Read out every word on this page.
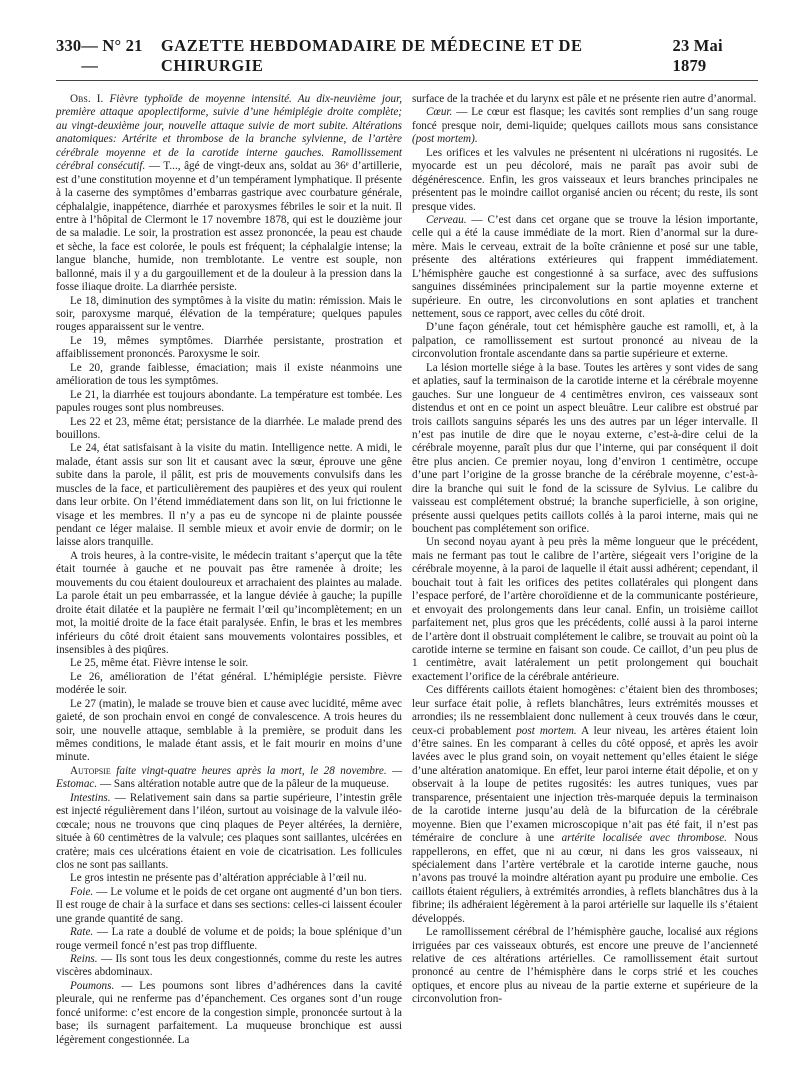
330 — N° 21 —
GAZETTE HEBDOMADAIRE DE MÉDECINE ET DE CHIRURGIE
23 Mai 1879

Obs. I. Fièvre typhoïde de moyenne intensité. Au dix-neuvième jour, première attaque apoplectiforme, suivie d’une hémiplégie droite complète; au vingt-deuxième jour, nouvelle attaque suivie de mort subite. Altérations anatomiques: Artérite et thrombose de la branche sylvienne, de l’artère cérébrale moyenne et de la carotide interne gauches. Ramollissement cérébral consécutif. — T..., âgé de vingt-deux ans, soldat au 36ᵉ d’artillerie, est d’une constitution moyenne et d’un tempérament lymphatique. Il présente à la caserne des symptômes d’embarras gastrique avec courbature générale, céphalalgie, inappétence, diarrhée et paroxysmes fébriles le soir et la nuit. Il entre à l’hôpital de Clermont le 17 novembre 1878, qui est le douzième jour de sa maladie. Le soir, la prostration est assez prononcée, la peau est chaude et sèche, la face est colorée, le pouls est fréquent; la céphalalgie intense; la langue blanche, humide, non tremblotante. Le ventre est souple, non ballonné, mais il y a du gargouillement et de la douleur à la pression dans la fosse iliaque droite. La diarrhée persiste.

Le 18, diminution des symptômes à la visite du matin: rémission. Mais le soir, paroxysme marqué, élévation de la température; quelques papules rouges apparaissent sur le ventre.

Le 19, mêmes symptômes. Diarrhée persistante, prostration et affaiblissement prononcés. Paroxysme le soir.

Le 20, grande faiblesse, émaciation; mais il existe néanmoins une amélioration de tous les symptômes.

Le 21, la diarrhée est toujours abondante. La température est tombée. Les papules rouges sont plus nombreuses.

Les 22 et 23, même état; persistance de la diarrhée. Le malade prend des bouillons.

Le 24, état satisfaisant à la visite du matin. Intelligence nette. A midi, le malade, étant assis sur son lit et causant avec la sœur, éprouve une gêne subite dans la parole, il pâlit, est pris de mouvements convulsifs dans les muscles de la face, et particulièrement des paupières et des yeux qui roulent dans leur orbite. On l’étend immédiatement dans son lit, on lui frictionne le visage et les membres. Il n’y a pas eu de syncope ni de plainte poussée pendant ce léger malaise. Il semble mieux et avoir envie de dormir; on le laisse alors tranquille.

A trois heures, à la contre-visite, le médecin traitant s’aperçut que la tête était tournée à gauche et ne pouvait pas être ramenée à droite; les mouvements du cou étaient douloureux et arrachaient des plaintes au malade. La parole était un peu embarrassée, et la langue déviée à gauche; la pupille droite était dilatée et la paupière ne fermait l’œil qu’incomplètement; en un mot, la moitié droite de la face était paralysée. Enfin, le bras et les membres inférieurs du côté droit étaient sans mouvements volontaires possibles, et insensibles à des piqûres.

Le 25, même état. Fièvre intense le soir.

Le 26, amélioration de l’état général. L’hémiplégie persiste. Fièvre modérée le soir.

Le 27 (matin), le malade se trouve bien et cause avec lucidité, même avec gaieté, de son prochain envoi en congé de convalescence. A trois heures du soir, une nouvelle attaque, semblable à la première, se produit dans les mêmes conditions, le malade étant assis, et le fait mourir en moins d’une minute.

Autopsie faite vingt-quatre heures après la mort, le 28 novembre. — Estomac. — Sans altération notable autre que de la pâleur de la muqueuse.

Intestins. — Relativement sain dans sa partie supérieure, l’intestin grêle est injecté régulièrement dans l’iléon, surtout au voisinage de la valvule iléo-cœcale; nous ne trouvons que cinq plaques de Peyer altérées, la dernière, située à 60 centimètres de la valvule; ces plaques sont saillantes, ulcérées en cratère; mais ces ulcérations étaient en voie de cicatrisation. Les follicules clos ne sont pas saillants.

Le gros intestin ne présente pas d’altération appréciable à l’œil nu.

Foie. — Le volume et le poids de cet organe ont augmenté d’un bon tiers. Il est rouge de chair à la surface et dans ses sections: celles-ci laissent écouler une grande quantité de sang.

Rate. — La rate a doublé de volume et de poids; la boue splénique d’un rouge vermeil foncé n’est pas trop diffluente.

Reins. — Ils sont tous les deux congestionnés, comme du reste les autres viscères abdominaux.

Poumons. — Les poumons sont libres d’adhérences dans la cavité pleurale, qui ne renferme pas d’épanchement. Ces organes sont d’un rouge foncé uniforme: c’est encore de la congestion simple, prononcée surtout à la base; ils surnagent parfaitement. La muqueuse bronchique est aussi légèrement congestionnée. La

surface de la trachée et du larynx est pâle et ne présente rien autre d’anormal.

Cœur. — Le cœur est flasque; les cavités sont remplies d’un sang rouge foncé presque noir, demi-liquide; quelques caillots mous sans consistance (post mortem).

Les orifices et les valvules ne présentent ni ulcérations ni rugosités. Le myocarde est un peu décoloré, mais ne paraît pas avoir subi de dégénérescence. Enfin, les gros vaisseaux et leurs branches principales ne présentent pas le moindre caillot organisé ancien ou récent; du reste, ils sont presque vides.

Cerveau. — C’est dans cet organe que se trouve la lésion importante, celle qui a été la cause immédiate de la mort. Rien d’anormal sur la dure-mère. Mais le cerveau, extrait de la boîte crânienne et posé sur une table, présente des altérations extérieures qui frappent immédiatement. L’hémisphère gauche est congestionné à sa surface, avec des suffusions sanguines disséminées principalement sur la partie moyenne externe et supérieure. En outre, les circonvolutions en sont aplaties et tranchent nettement, sous ce rapport, avec celles du côté droit.

D’une façon générale, tout cet hémisphère gauche est ramolli, et, à la palpation, ce ramollissement est surtout prononcé au niveau de la circonvolution frontale ascendante dans sa partie supérieure et externe.

La lésion mortelle siége à la base. Toutes les artères y sont vides de sang et aplaties, sauf la terminaison de la carotide interne et la cérébrale moyenne gauches. Sur une longueur de 4 centimètres environ, ces vaisseaux sont distendus et ont en ce point un aspect bleuâtre. Leur calibre est obstrué par trois caillots sanguins séparés les uns des autres par un léger intervalle. Il n’est pas inutile de dire que le noyau externe, c’est-à-dire celui de la cérébrale moyenne, paraît plus dur que l’interne, qui par conséquent il doit être plus ancien. Ce premier noyau, long d’environ 1 centimètre, occupe d’une part l’origine de la grosse branche de la cérébrale moyenne, c’est-à-dire la branche qui suit le fond de la scissure de Sylvius. Le calibre du vaisseau est complétement obstrué; la branche superficielle, à son origine, présente aussi quelques petits caillots collés à la paroi interne, mais qui ne bouchent pas complétement son orifice.

Un second noyau ayant à peu près la même longueur que le précédent, mais ne fermant pas tout le calibre de l’artère, siégeait vers l’origine de la cérébrale moyenne, à la paroi de laquelle il était aussi adhérent; cependant, il bouchait tout à fait les orifices des petites collatérales qui plongent dans l’espace perforé, de l’artère choroïdienne et de la communicante postérieure, et envoyait des prolongements dans leur canal. Enfin, un troisième caillot parfaitement net, plus gros que les précédents, collé aussi à la paroi interne de l’artère dont il obstruait complétement le calibre, se trouvait au point où la carotide interne se termine en faisant son coude. Ce caillot, d’un peu plus de 1 centimètre, avait latéralement un petit prolongement qui bouchait exactement l’orifice de la cérébrale antérieure.

Ces différents caillots étaient homogènes: c’étaient bien des thromboses; leur surface était polie, à reflets blanchâtres, leurs extrémités mousses et arrondies; ils ne ressemblaient donc nullement à ceux trouvés dans le cœur, ceux-ci probablement post mortem. A leur niveau, les artères étaient loin d’être saines. En les comparant à celles du côté opposé, et après les avoir lavées avec le plus grand soin, on voyait nettement qu’elles étaient le siége d’une altération anatomique. En effet, leur paroi interne était dépolie, et on y observait à la loupe de petites rugosités: les autres tuniques, vues par transparence, présentaient une injection très-marquée depuis la terminaison de la carotide interne jusqu’au delà de la bifurcation de la cérébrale moyenne. Bien que l’examen microscopique n’ait pas été fait, il n’est pas téméraire de conclure à une artérite localisée avec thrombose. Nous rappellerons, en effet, que ni au cœur, ni dans les gros vaisseaux, ni spécialement dans l’artère vertébrale et la carotide interne gauche, nous n’avons pas trouvé la moindre altération ayant pu produire une embolie. Ces caillots étaient réguliers, à extrémités arrondies, à reflets blanchâtres dus à la fibrine; ils adhéraient légèrement à la paroi artérielle sur laquelle ils s’étaient développés.

Le ramollissement cérébral de l’hémisphère gauche, localisé aux régions irriguées par ces vaisseaux obturés, est encore une preuve de l’ancienneté relative de ces altérations artérielles. Ce ramollissement était surtout prononcé au centre de l’hémisphère dans le corps strié et les couches optiques, et encore plus au niveau de la partie externe et supérieure de la circonvolution fron-
